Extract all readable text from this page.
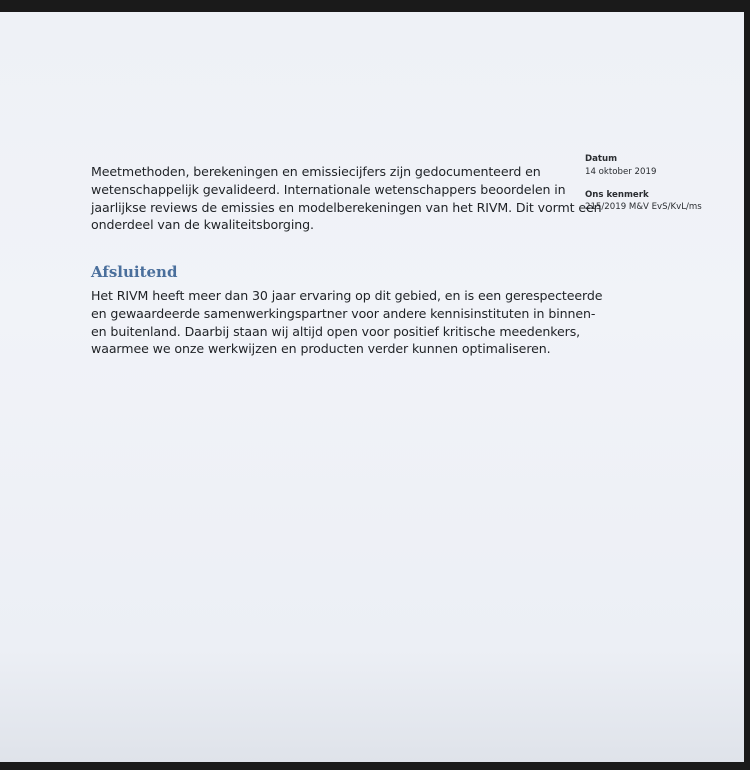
Meetmethoden, berekeningen en emissiecijfers zijn gedocumenteerd en
wetenschappelijk gevalideerd. Internationale wetenschappers beoordelen in
jaarlijkse reviews de emissies en modelberekeningen van het RIVM. Dit vormt een
onderdeel van de kwaliteitsborging.
Afsluitend
Het RIVM heeft meer dan 30 jaar ervaring op dit gebied, en is een gerespecteerde
en gewaardeerde samenwerkingspartner voor andere kennisinstituten in binnen-
en buitenland. Daarbij staan wij altijd open voor positief kritische meedenkers,
waarmee we onze werkwijzen en producten verder kunnen optimaliseren.
Datum
14 oktober 2019
Ons kenmerk
215/2019 M&V EvS/KvL/ms
